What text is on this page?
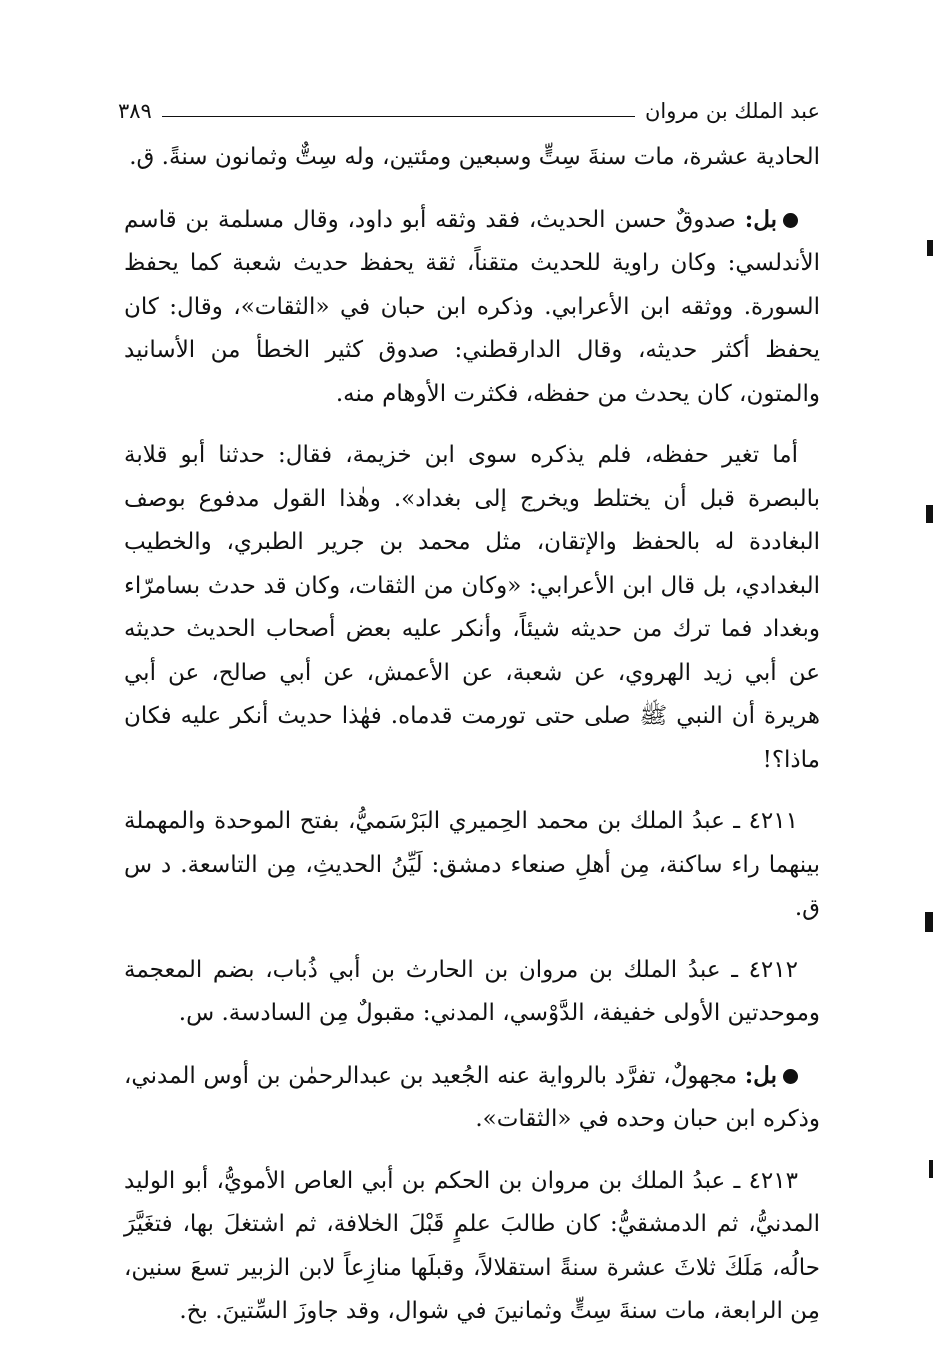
عبد الملك بن مروان
٣٨٩

الحادية عشرة، مات سنةَ سِتٍّ وسبعين ومئتين، وله سِتٌّ وثمانون سنةً. ق.

بل: صدوقٌ حسن الحديث، فقد وثقه أبو داود، وقال مسلمة بن قاسم الأندلسي: وكان راوية للحديث متقناً، ثقة يحفظ حديث شعبة كما يحفظ السورة. ووثقه ابن الأعرابي. وذكره ابن حبان في «الثقات»، وقال: كان يحفظ أكثر حديثه، وقال الدارقطني: صدوق كثير الخطأ من الأسانيد والمتون، كان يحدث من حفظه، فكثرت الأوهام منه.

أما تغير حفظه، فلم يذكره سوى ابن خزيمة، فقال: حدثنا أبو قلابة بالبصرة قبل أن يختلط ويخرج إلى بغداد». وهٰذا القول مدفوع بوصف البغاددة له بالحفظ والإتقان، مثل محمد بن جرير الطبري، والخطيب البغدادي، بل قال ابن الأعرابي: «وكان من الثقات، وكان قد حدث بسامرّاء وبغداد فما ترك من حديثه شيئاً، وأنكر عليه بعض أصحاب الحديث حديثه عن أبي زيد الهروي، عن شعبة، عن الأعمش، عن أبي صالح، عن أبي هريرة أن النبي ﷺ صلى حتى تورمت قدماه. فهٰذا حديث أنكر عليه فكان ماذا؟!

٤٢١١ ـ عبدُ الملك بن محمد الحِميري البَرْسَميُّ، بفتح الموحدة والمهملة بينهما راء ساكنة، مِن أهلِ صنعاء دمشق: لَيِّنُ الحديثِ، مِن التاسعة. د س ق.

٤٢١٢ ـ عبدُ الملك بن مروان بن الحارث بن أبي ذُباب، بضم المعجمة وموحدتين الأولى خفيفة، الدَّوْسي، المدني: مقبولٌ مِن السادسة. س.

بل: مجهولٌ، تفرَّد بالرواية عنه الجُعيد بن عبدالرحمٰن بن أوس المدني، وذكره ابن حبان وحده في «الثقات».

٤٢١٣ ـ عبدُ الملك بن مروان بن الحكم بن أبي العاص الأمويُّ، أبو الوليد المدنيُّ، ثم الدمشقيُّ: كان طالبَ علمٍ قَبْلَ الخلافة، ثم اشتغلَ بها، فتغَيَّرَ حالُه، مَلَكَ ثلاثَ عشرة سنةً استقلالاً، وقبلَها منازِعاً لابن الزبير تسعَ سنين، مِن الرابعة، مات سنةَ سِتٍّ وثمانينَ في شوال، وقد جاوزَ السِّتينَ. بخ.
